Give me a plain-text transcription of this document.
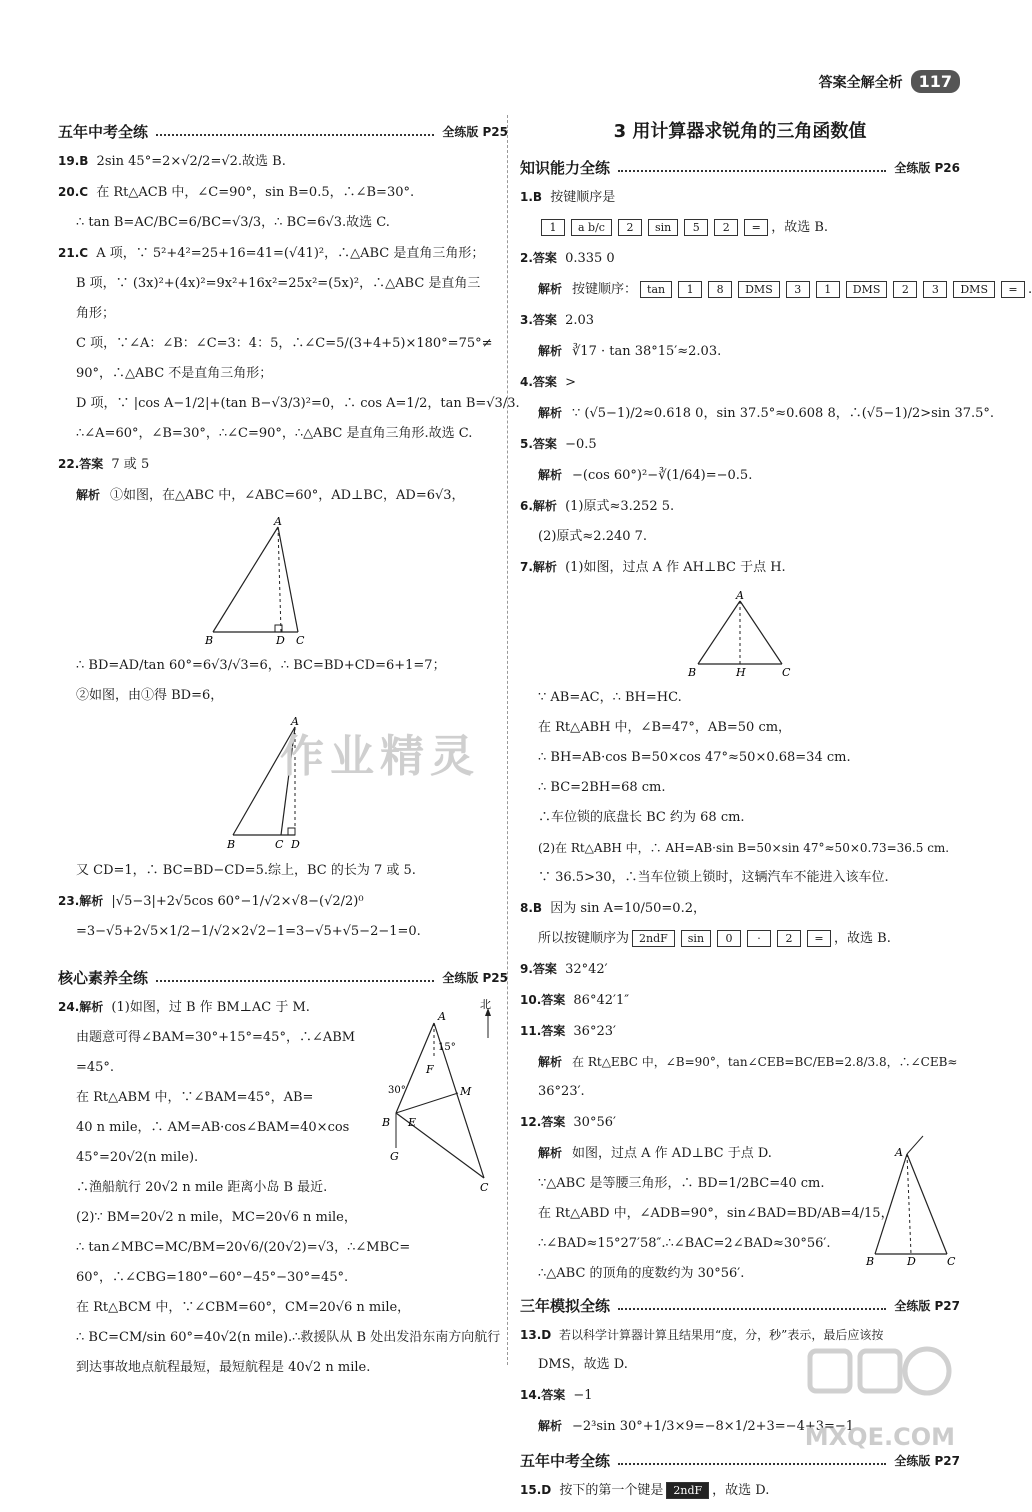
答案全解全析	117
五年中考全练	全练版 P25
19.B 2sin 45°=2×√2/2=√2.故选 B.
20.C 在 Rt△ACB 中，∠C=90°，sin B=0.5，∴∠B=30°.
∴ tan B=AC/BC=6/BC=√3/3，∴ BC=6√3.故选 C.
21.C A 项，∵ 5²+4²=25+16=41=(√41)²，∴△ABC 是直角三角形；
B 项，∵ (3x)²+(4x)²=9x²+16x²=25x²=(5x)²，∴△ABC 是直角三
角形；
C 项，∵∠A：∠B：∠C=3：4：5，∴∠C=5/(3+4+5)×180°=75°≠
90°，∴△ABC 不是直角三角形；
D 项，∵ |cos A−1/2|+(tan B−√3/3)²=0，∴ cos A=1/2，tan B=√3/3.
∴∠A=60°，∠B=30°，∴∠C=90°，∴△ABC 是直角三角形.故选 C.
22.答案 7 或 5
解析 ①如图，在△ABC 中，∠ABC=60°，AD⊥BC，AD=6√3，
A
B	D C
∴ BD=AD/tan 60°=6√3/√3=6，∴ BC=BD+CD=6+1=7；
②如图，由①得 BD=6，
A
B	C D
又 CD=1，∴ BC=BD−CD=5.综上，BC 的长为 7 或 5.
23.解析 |√5−3|+2√5cos 60°−1/√2×√8−(√2/2)⁰
=3−√5+2√5×1/2−1/√2×2√2−1=3−√5+√5−2−1=0.
核心素养全练	全练版 P25
24.解析 (1)如图，过 B 作 BM⊥AC 于 M.
由题意可得∠BAM=30°+15°=45°，∴∠ABM
=45°.
在 Rt△ABM 中，∵∠BAM=45°，AB=
40 n mile，∴ AM=AB·cos∠BAM=40×cos
45°=20√2(n mile).
∴渔船航行 20√2 n mile 距离小岛 B 最近.
(2)∵ BM=20√2 n mile，MC=20√6 n mile，
∴ tan∠MBC=MC/BM=20√6/(20√2)=√3，∴∠MBC=
60°，∴∠CBG=180°−60°−45°−30°=45°.
在 Rt△BCM 中，∵∠CBM=60°，CM=20√6 n mile，
∴ BC=CM/sin 60°=40√2(n mile).∴救援队从 B 处出发沿东南方向航行
到达事故地点航程最短，最短航程是 40√2 n mile.
A
北
15°
30°
F
M
B E
G
C
3 用计算器求锐角的三角函数值
知识能力全练	全练版 P26
1.B 按键顺序是
1 a b/c 2 sin 5 2 = ，故选 B.
2.答案 0.335 0
解析 按键顺序： tan 1 8 DMS 3 1 DMS 2 3 DMS = .
3.答案 2.03
解析 ∛17 · tan 38°15′≈2.03.
4.答案 >
解析 ∵ (√5−1)/2≈0.618 0，sin 37.5°≈0.608 8，∴(√5−1)/2>sin 37.5°.
5.答案 −0.5
解析 −(cos 60°)²−∛(1/64)=−0.5.
6.解析 (1)原式≈3.252 5.
(2)原式≈2.240 7.
7.解析 (1)如图，过点 A 作 AH⊥BC 于点 H.
A
B	H	C
∵ AB=AC，∴ BH=HC.
在 Rt△ABH 中，∠B=47°，AB=50 cm，
∴ BH=AB·cos B=50×cos 47°≈50×0.68=34 cm.
∴ BC=2BH=68 cm.
∴车位锁的底盘长 BC 约为 68 cm.
(2)在 Rt△ABH 中，∴ AH=AB·sin B=50×sin 47°≈50×0.73=36.5 cm.
∵ 36.5>30，∴当车位锁上锁时，这辆汽车不能进入该车位.
8.B 因为 sin A=10/50=0.2，
所以按键顺序为 2ndF sin 0 · 2 = ，故选 B.
9.答案 32°42′
10.答案 86°42′1″
11.答案 36°23′
解析 在 Rt△EBC 中，∠B=90°，tan∠CEB=BC/EB=2.8/3.8，∴∠CEB≈
36°23′.
12.答案 30°56′
解析 如图，过点 A 作 AD⊥BC 于点 D.
∵△ABC 是等腰三角形，∴ BD=1/2BC=40 cm.
在 Rt△ABD 中，∠ADB=90°，sin∠BAD=BD/AB=4/15，
∴∠BAD≈15°27′58″.∴∠BAC=2∠BAD≈30°56′.
∴△ABC 的顶角的度数约为 30°56′.
A
B	D	C
三年模拟全练	全练版 P27
13.D 若以科学计算器计算且结果用“度，分，秒”表示，最后应该按
DMS，故选 D.
14.答案 −1
解析 −2³sin 30°+1/3×9=−8×1/2+3=−4+3=−1.
五年中考全练	全练版 P27
15.D 按下的第一个键是 2ndF ，故选 D.
作业精灵
MXQE.COM
